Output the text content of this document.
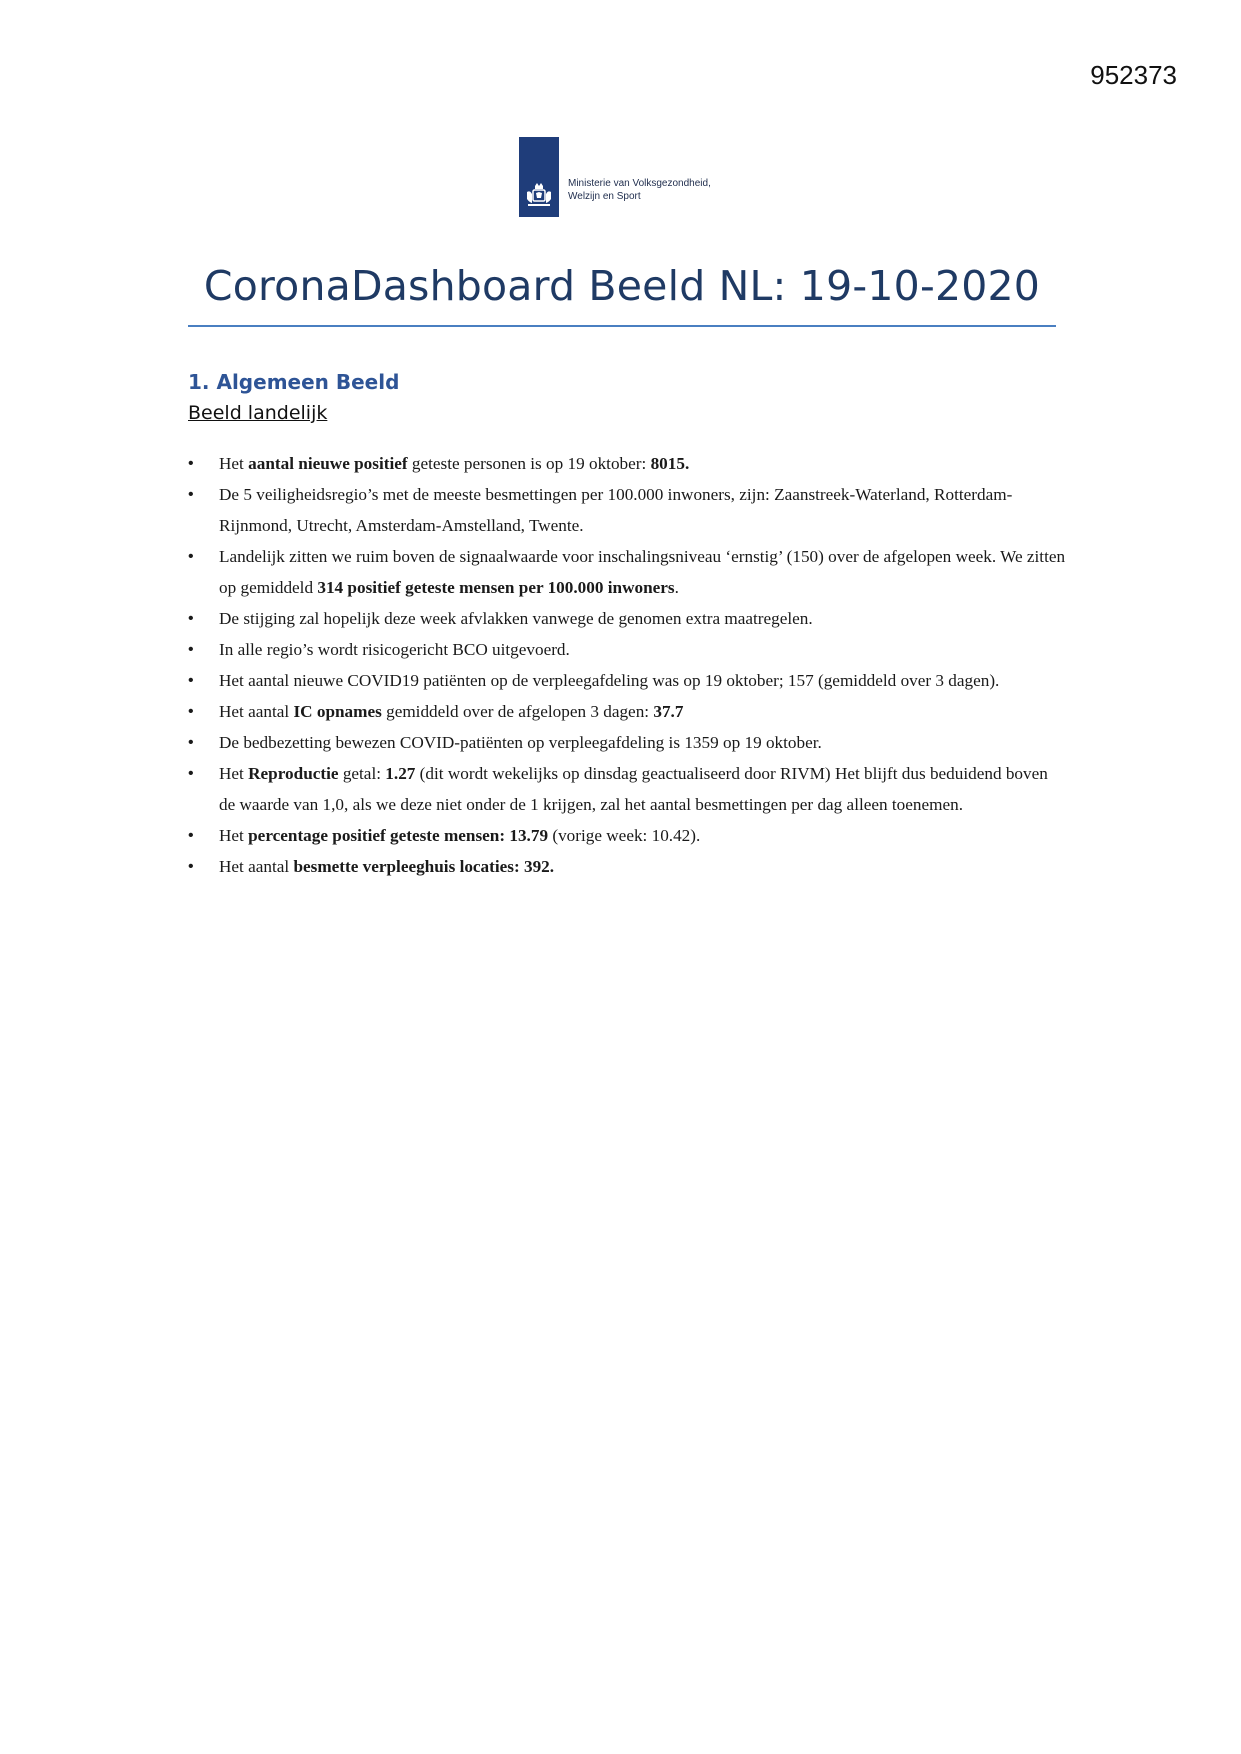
952373
Ministerie van Volksgezondheid,
Welzijn en Sport
CoronaDashboard Beeld NL: 19-10-2020
1. Algemeen Beeld
Beeld landelijk
• Het aantal nieuwe positief geteste personen is op 19 oktober: 8015.
• De 5 veiligheidsregio’s met de meeste besmettingen per 100.000 inwoners, zijn: Zaanstreek-Waterland, Rotterdam-Rijnmond, Utrecht, Amsterdam-Amstelland, Twente.
• Landelijk zitten we ruim boven de signaalwaarde voor inschalingsniveau ‘ernstig’ (150) over de afgelopen week. We zitten op gemiddeld 314 positief geteste mensen per 100.000 inwoners.
• De stijging zal hopelijk deze week afvlakken vanwege de genomen extra maatregelen.
• In alle regio’s wordt risicogericht BCO uitgevoerd.
• Het aantal nieuwe COVID19 patiënten op de verpleegafdeling was op 19 oktober; 157 (gemiddeld over 3 dagen).
• Het aantal IC opnames gemiddeld over de afgelopen 3 dagen: 37.7
• De bedbezetting bewezen COVID-patiënten op verpleegafdeling is 1359 op 19 oktober.
• Het Reproductie getal: 1.27 (dit wordt wekelijks op dinsdag geactualiseerd door RIVM) Het blijft dus beduidend boven de waarde van 1,0, als we deze niet onder de 1 krijgen, zal het aantal besmettingen per dag alleen toenemen.
• Het percentage positief geteste mensen: 13.79 (vorige week: 10.42).
• Het aantal besmette verpleeghuis locaties: 392.
